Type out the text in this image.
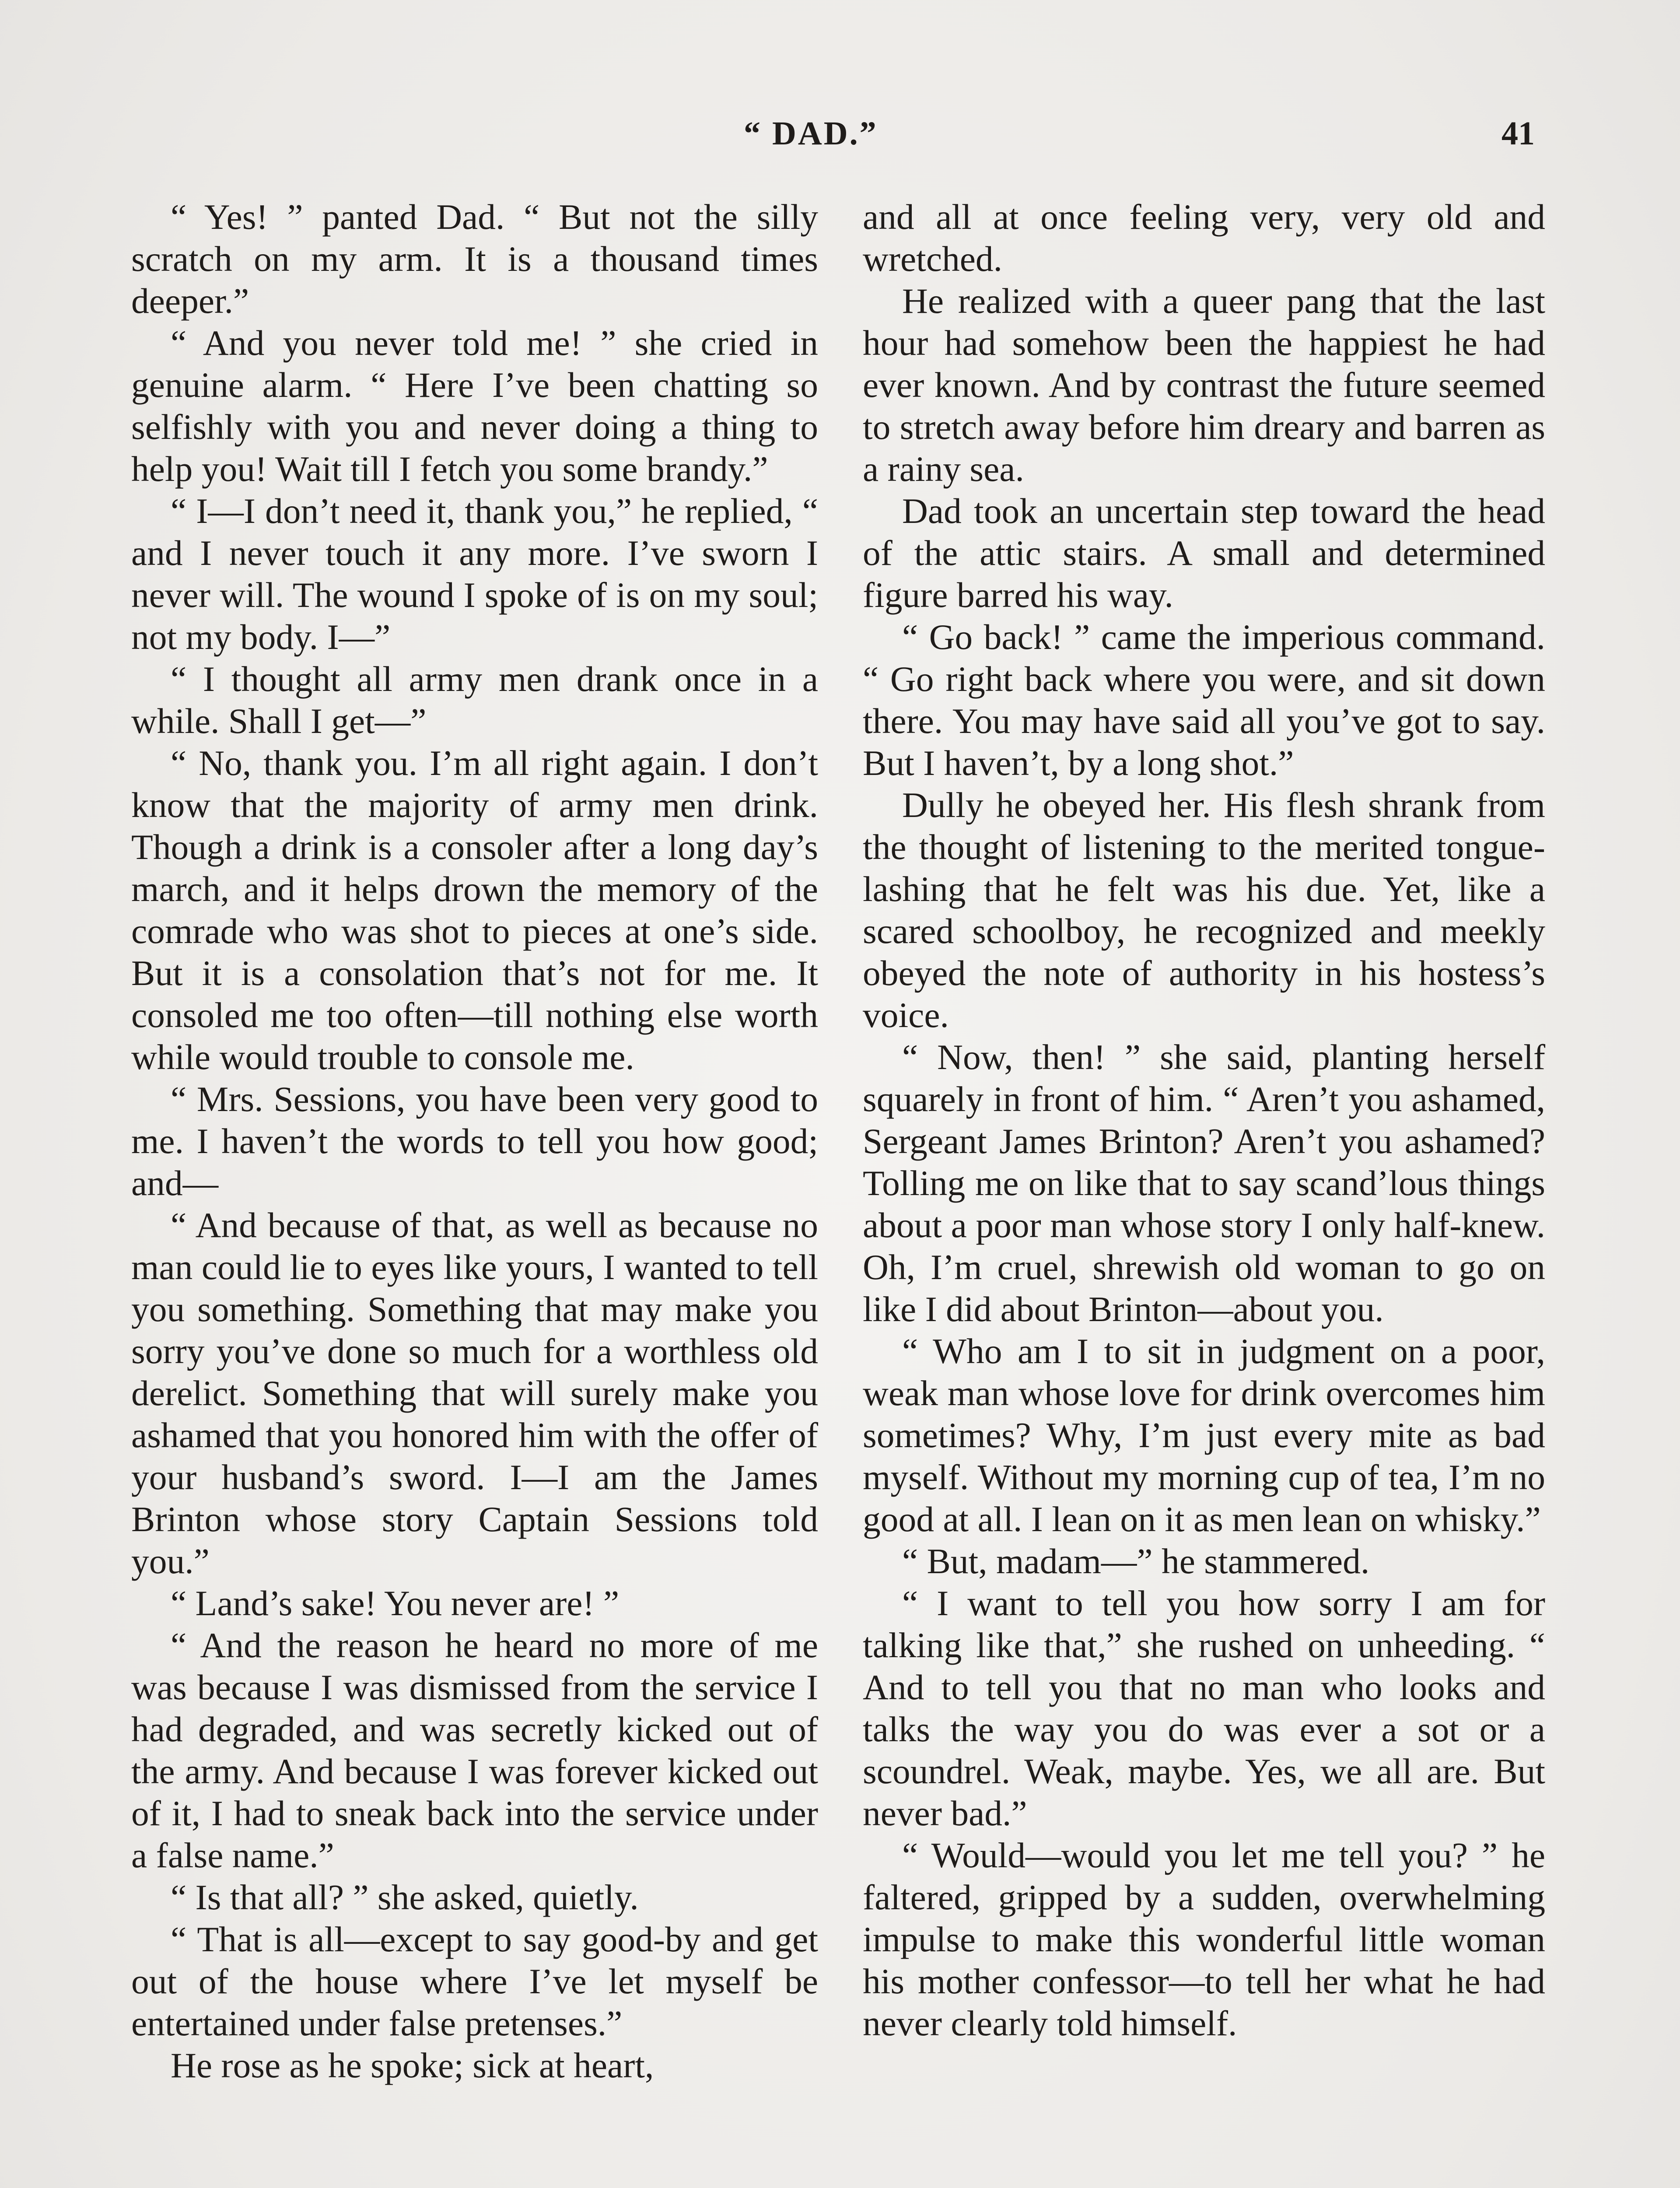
“ DAD.”	41

“ Yes! ” panted Dad. “ But not the silly scratch on my arm. It is a thousand times deeper.”

“ And you never told me! ” she cried in genuine alarm. “ Here I’ve been chatting so selfishly with you and never doing a thing to help you! Wait till I fetch you some brandy.”

“ I—I don’t need it, thank you,” he replied, “ and I never touch it any more. I’ve sworn I never will. The wound I spoke of is on my soul; not my body. I—”

“ I thought all army men drank once in a while. Shall I get—”

“ No, thank you. I’m all right again. I don’t know that the majority of army men drink. Though a drink is a consoler after a long day’s march, and it helps drown the memory of the comrade who was shot to pieces at one’s side. But it is a consolation that’s not for me. It consoled me too often—till nothing else worth while would trouble to console me.

“ Mrs. Sessions, you have been very good to me. I haven’t the words to tell you how good; and—

“ And because of that, as well as because no man could lie to eyes like yours, I wanted to tell you something. Something that may make you sorry you’ve done so much for a worthless old derelict. Something that will surely make you ashamed that you honored him with the offer of your husband’s sword. I—I am the James Brinton whose story Captain Sessions told you.”

“ Land’s sake! You never are! ”

“ And the reason he heard no more of me was because I was dismissed from the service I had degraded, and was secretly kicked out of the army. And because I was forever kicked out of it, I had to sneak back into the service under a false name.”

“ Is that all? ” she asked, quietly.

“ That is all—except to say good-by and get out of the house where I’ve let myself be entertained under false pretenses.”

He rose as he spoke; sick at heart,

and all at once feeling very, very old and wretched.

He realized with a queer pang that the last hour had somehow been the happiest he had ever known. And by contrast the future seemed to stretch away before him dreary and barren as a rainy sea.

Dad took an uncertain step toward the head of the attic stairs. A small and determined figure barred his way.

“ Go back! ” came the imperious command. “ Go right back where you were, and sit down there. You may have said all you’ve got to say. But I haven’t, by a long shot.”

Dully he obeyed her. His flesh shrank from the thought of listening to the merited tongue-lashing that he felt was his due. Yet, like a scared schoolboy, he recognized and meekly obeyed the note of authority in his hostess’s voice.

“ Now, then! ” she said, planting herself squarely in front of him. “ Aren’t you ashamed, Sergeant James Brinton? Aren’t you ashamed? Tolling me on like that to say scand’lous things about a poor man whose story I only half-knew. Oh, I’m cruel, shrewish old woman to go on like I did about Brinton—about you.

“ Who am I to sit in judgment on a poor, weak man whose love for drink overcomes him sometimes? Why, I’m just every mite as bad myself. Without my morning cup of tea, I’m no good at all. I lean on it as men lean on whisky.”

“ But, madam—” he stammered.

“ I want to tell you how sorry I am for talking like that,” she rushed on unheeding. “ And to tell you that no man who looks and talks the way you do was ever a sot or a scoundrel. Weak, maybe. Yes, we all are. But never bad.”

“ Would—would you let me tell you? ” he faltered, gripped by a sudden, overwhelming impulse to make this wonderful little woman his mother confessor—to tell her what he had never clearly told himself.
